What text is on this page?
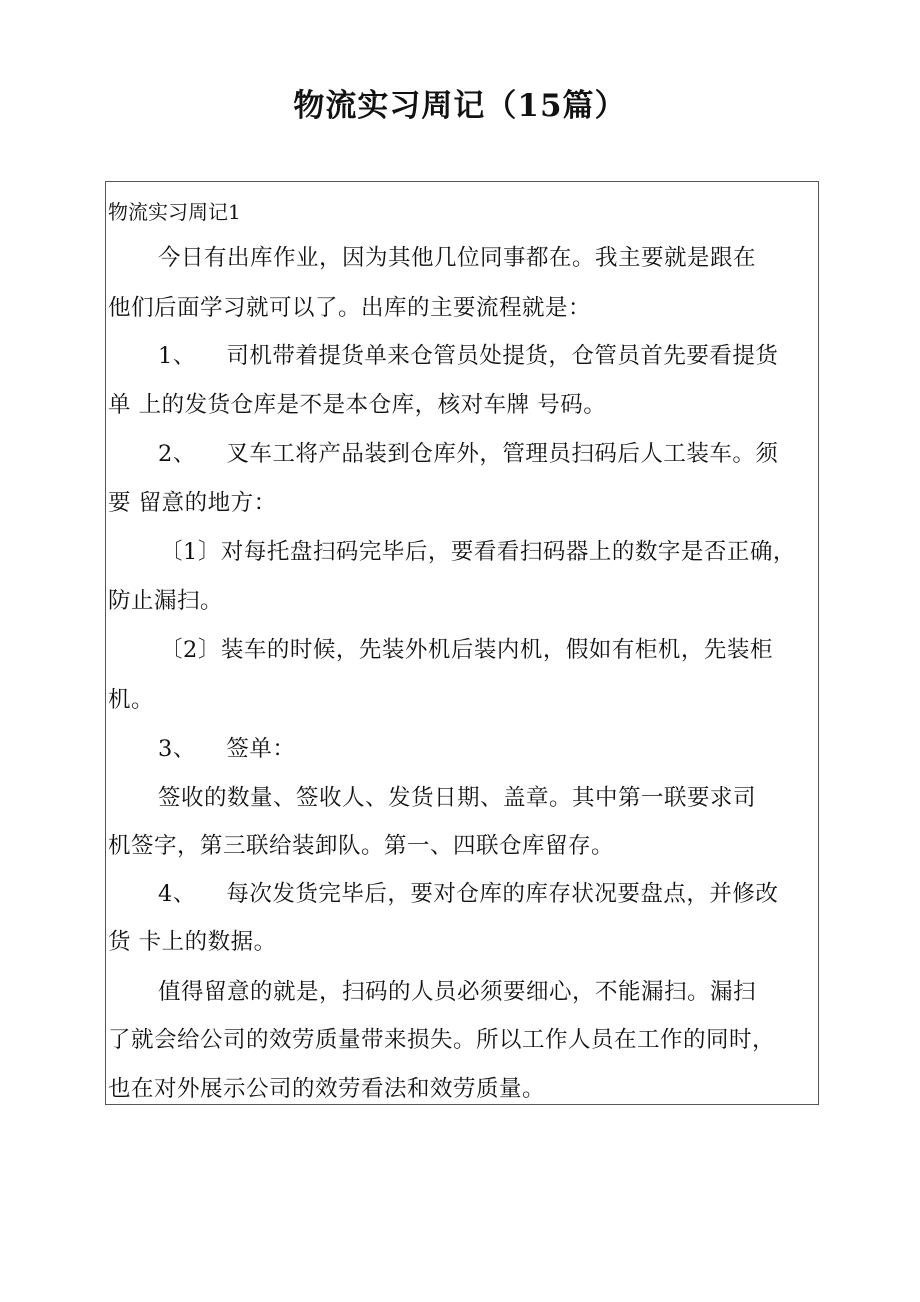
物流实习周记（15篇）
物流实习周记1
今日有出库作业，因为其他几位同事都在。我主要就是跟在
他们后面学习就可以了。出库的主要流程就是：
1、    司机带着提货单来仓管员处提货，仓管员首先要看提货
单 上的发货仓库是不是本仓库，核对车牌 号码。
2、    叉车工将产品装到仓库外，管理员扫码后人工装车。须
要 留意的地方：
〔1〕对每托盘扫码完毕后，要看看扫码器上的数字是否正确，
防止漏扫。
〔2〕装车的时候，先装外机后装内机，假如有柜机，先装柜
机。
3、    签单：
签收的数量、签收人、发货日期、盖章。其中第一联要求司
机签字，第三联给装卸队。第一、四联仓库留存。
4、    每次发货完毕后，要对仓库的库存状况要盘点，并修改
货 卡上的数据。
值得留意的就是，扫码的人员必须要细心，不能漏扫。漏扫
了就会给公司的效劳质量带来损失。所以工作人员在工作的同时，
也在对外展示公司的效劳看法和效劳质量。
